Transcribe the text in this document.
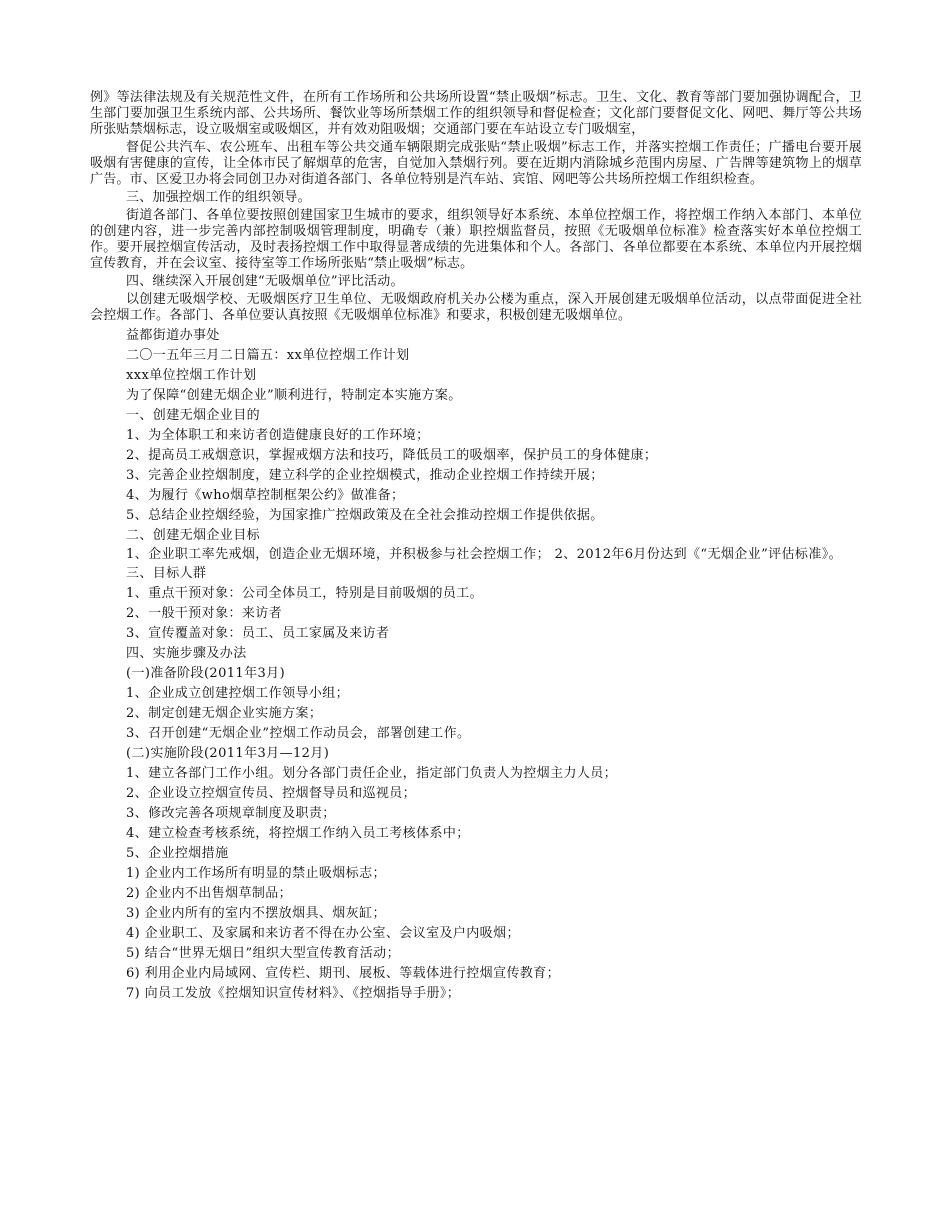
例》等法律法规及有关规范性文件，在所有工作场所和公共场所设置“禁止吸烟”标志。卫生、文化、教育等部门要加强协调配合，卫生部门要加强卫生系统内部、公共场所、餐饮业等场所禁烟工作的组织领导和督促检查；文化部门要督促文化、网吧、舞厅等公共场所张贴禁烟标志，设立吸烟室或吸烟区，并有效劝阻吸烟；交通部门要在车站设立专门吸烟室，

督促公共汽车、农公班车、出租车等公共交通车辆限期完成张贴“禁止吸烟”标志工作，并落实控烟工作责任；广播电台要开展吸烟有害健康的宣传，让全体市民了解烟草的危害，自觉加入禁烟行列。要在近期内消除城乡范围内房屋、广告牌等建筑物上的烟草广告。市、区爱卫办将会同创卫办对街道各部门、各单位特别是汽车站、宾馆、网吧等公共场所控烟工作组织检查。

三、加强控烟工作的组织领导。

街道各部门、各单位要按照创建国家卫生城市的要求，组织领导好本系统、本单位控烟工作，将控烟工作纳入本部门、本单位的创建内容，进一步完善内部控制吸烟管理制度，明确专（兼）职控烟监督员，按照《无吸烟单位标准》检查落实好本单位控烟工作。要开展控烟宣传活动，及时表扬控烟工作中取得显著成绩的先进集体和个人。各部门、各单位都要在本系统、本单位内开展控烟宣传教育，并在会议室、接待室等工作场所张贴“禁止吸烟”标志。

四、继续深入开展创建“无吸烟单位”评比活动。

以创建无吸烟学校、无吸烟医疗卫生单位、无吸烟政府机关办公楼为重点，深入开展创建无吸烟单位活动，以点带面促进全社会控烟工作。各部门、各单位要认真按照《无吸烟单位标准》和要求，积极创建无吸烟单位。

益都街道办事处

二〇一五年三月二日篇五：xx单位控烟工作计划

xxx单位控烟工作计划

为了保障“创建无烟企业”顺利进行，特制定本实施方案。

一、创建无烟企业目的

1、为全体职工和来访者创造健康良好的工作环境；

2、提高员工戒烟意识，掌握戒烟方法和技巧，降低员工的吸烟率，保护员工的身体健康；

3、完善企业控烟制度，建立科学的企业控烟模式，推动企业控烟工作持续开展；

4、为履行《who烟草控制框架公约》做准备；

5、总结企业控烟经验，为国家推广控烟政策及在全社会推动控烟工作提供依据。

二、创建无烟企业目标

1、企业职工率先戒烟，创造企业无烟环境，并积极参与社会控烟工作； 2、2012年6月份达到《“无烟企业”评估标准》。

三、目标人群

1、重点干预对象：公司全体员工，特别是目前吸烟的员工。

2、一般干预对象：来访者

3、宣传覆盖对象：员工、员工家属及来访者

四、实施步骤及办法

(一)准备阶段(2011年3月)

1、企业成立创建控烟工作领导小组；

2、制定创建无烟企业实施方案；

3、召开创建“无烟企业”控烟工作动员会，部署创建工作。

(二)实施阶段(2011年3月—12月)

1、建立各部门工作小组。划分各部门责任企业，指定部门负责人为控烟主力人员；

2、企业设立控烟宣传员、控烟督导员和巡视员；

3、修改完善各项规章制度及职责；

4、建立检查考核系统，将控烟工作纳入员工考核体系中；

5、企业控烟措施

1) 企业内工作场所有明显的禁止吸烟标志；

2) 企业内不出售烟草制品；

3) 企业内所有的室内不摆放烟具、烟灰缸；

4) 企业职工、及家属和来访者不得在办公室、会议室及户内吸烟；

5) 结合“世界无烟日”组织大型宣传教育活动；

6) 利用企业内局域网、宣传栏、期刊、展板、等载体进行控烟宣传教育；

7) 向员工发放《控烟知识宣传材料》、《控烟指导手册》；
